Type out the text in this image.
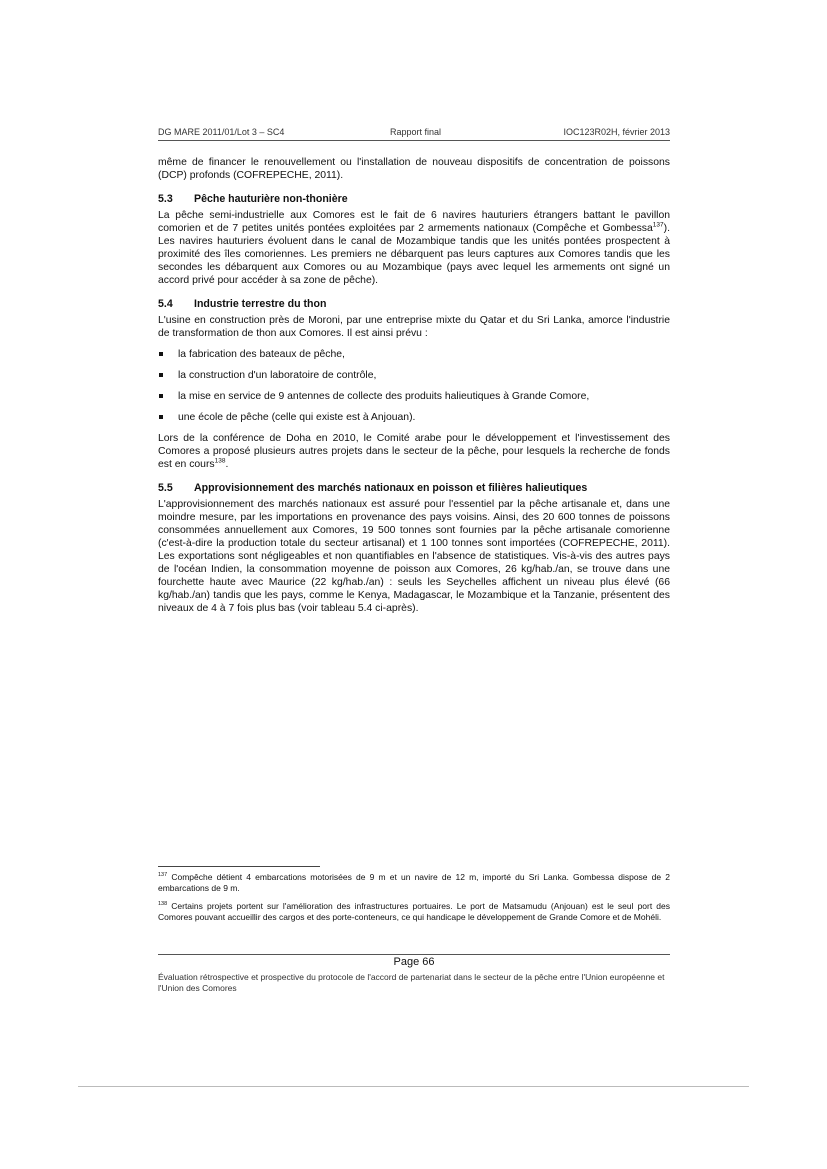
DG MARE 2011/01/Lot 3 – SC4	Rapport final	IOC123R02H, février 2013

même de financer le renouvellement ou l'installation de nouveau dispositifs de concentration de poissons (DCP) profonds (COFREPECHE, 2011).

5.3 Pêche hauturière non-thonière

La pêche semi-industrielle aux Comores est le fait de 6 navires hauturiers étrangers battant le pavillon comorien et de 7 petites unités pontées exploitées par 2 armements nationaux (Compêche et Gombessa$^{137}$). Les navires hauturiers évoluent dans le canal de Mozambique tandis que les unités pontées prospectent à proximité des îles comoriennes. Les premiers ne débarquent pas leurs captures aux Comores tandis que les secondes les débarquent aux Comores ou au Mozambique (pays avec lequel les armements ont signé un accord privé pour accéder à sa zone de pêche).

5.4 Industrie terrestre du thon

L'usine en construction près de Moroni, par une entreprise mixte du Qatar et du Sri Lanka, amorce l'industrie de transformation de thon aux Comores. Il est ainsi prévu :

la fabrication des bateaux de pêche,
la construction d'un laboratoire de contrôle,
la mise en service de 9 antennes de collecte des produits halieutiques à Grande Comore,
une école de pêche (celle qui existe est à Anjouan).

Lors de la conférence de Doha en 2010, le Comité arabe pour le développement et l'investissement des Comores a proposé plusieurs autres projets dans le secteur de la pêche, pour lesquels la recherche de fonds est en cours$^{138}$.

5.5 Approvisionnement des marchés nationaux en poisson et filières halieutiques

L'approvisionnement des marchés nationaux est assuré pour l'essentiel par la pêche artisanale et, dans une moindre mesure, par les importations en provenance des pays voisins. Ainsi, des 20 600 tonnes de poissons consommées annuellement aux Comores, 19 500 tonnes sont fournies par la pêche artisanale comorienne (c'est-à-dire la production totale du secteur artisanal) et 1 100 tonnes sont importées (COFREPECHE, 2011). Les exportations sont négligeables et non quantifiables en l'absence de statistiques. Vis-à-vis des autres pays de l'océan Indien, la consommation moyenne de poisson aux Comores, 26 kg/hab./an, se trouve dans une fourchette haute avec Maurice (22 kg/hab./an) : seuls les Seychelles affichent un niveau plus élevé (66 kg/hab./an) tandis que les pays, comme le Kenya, Madagascar, le Mozambique et la Tanzanie, présentent des niveaux de 4 à 7 fois plus bas (voir tableau 5.4 ci-après).

$^{137}$ Compêche détient 4 embarcations motorisées de 9 m et un navire de 12 m, importé du Sri Lanka. Gombessa dispose de 2 embarcations de 9 m.
$^{138}$ Certains projets portent sur l'amélioration des infrastructures portuaires. Le port de Matsamudu (Anjouan) est le seul port des Comores pouvant accueillir des cargos et des porte-conteneurs, ce qui handicape le développement de Grande Comore et de Mohéli.
Page 66
Évaluation rétrospective et prospective du protocole de l'accord de partenariat dans le secteur de la pêche entre l'Union européenne et l'Union des Comores
